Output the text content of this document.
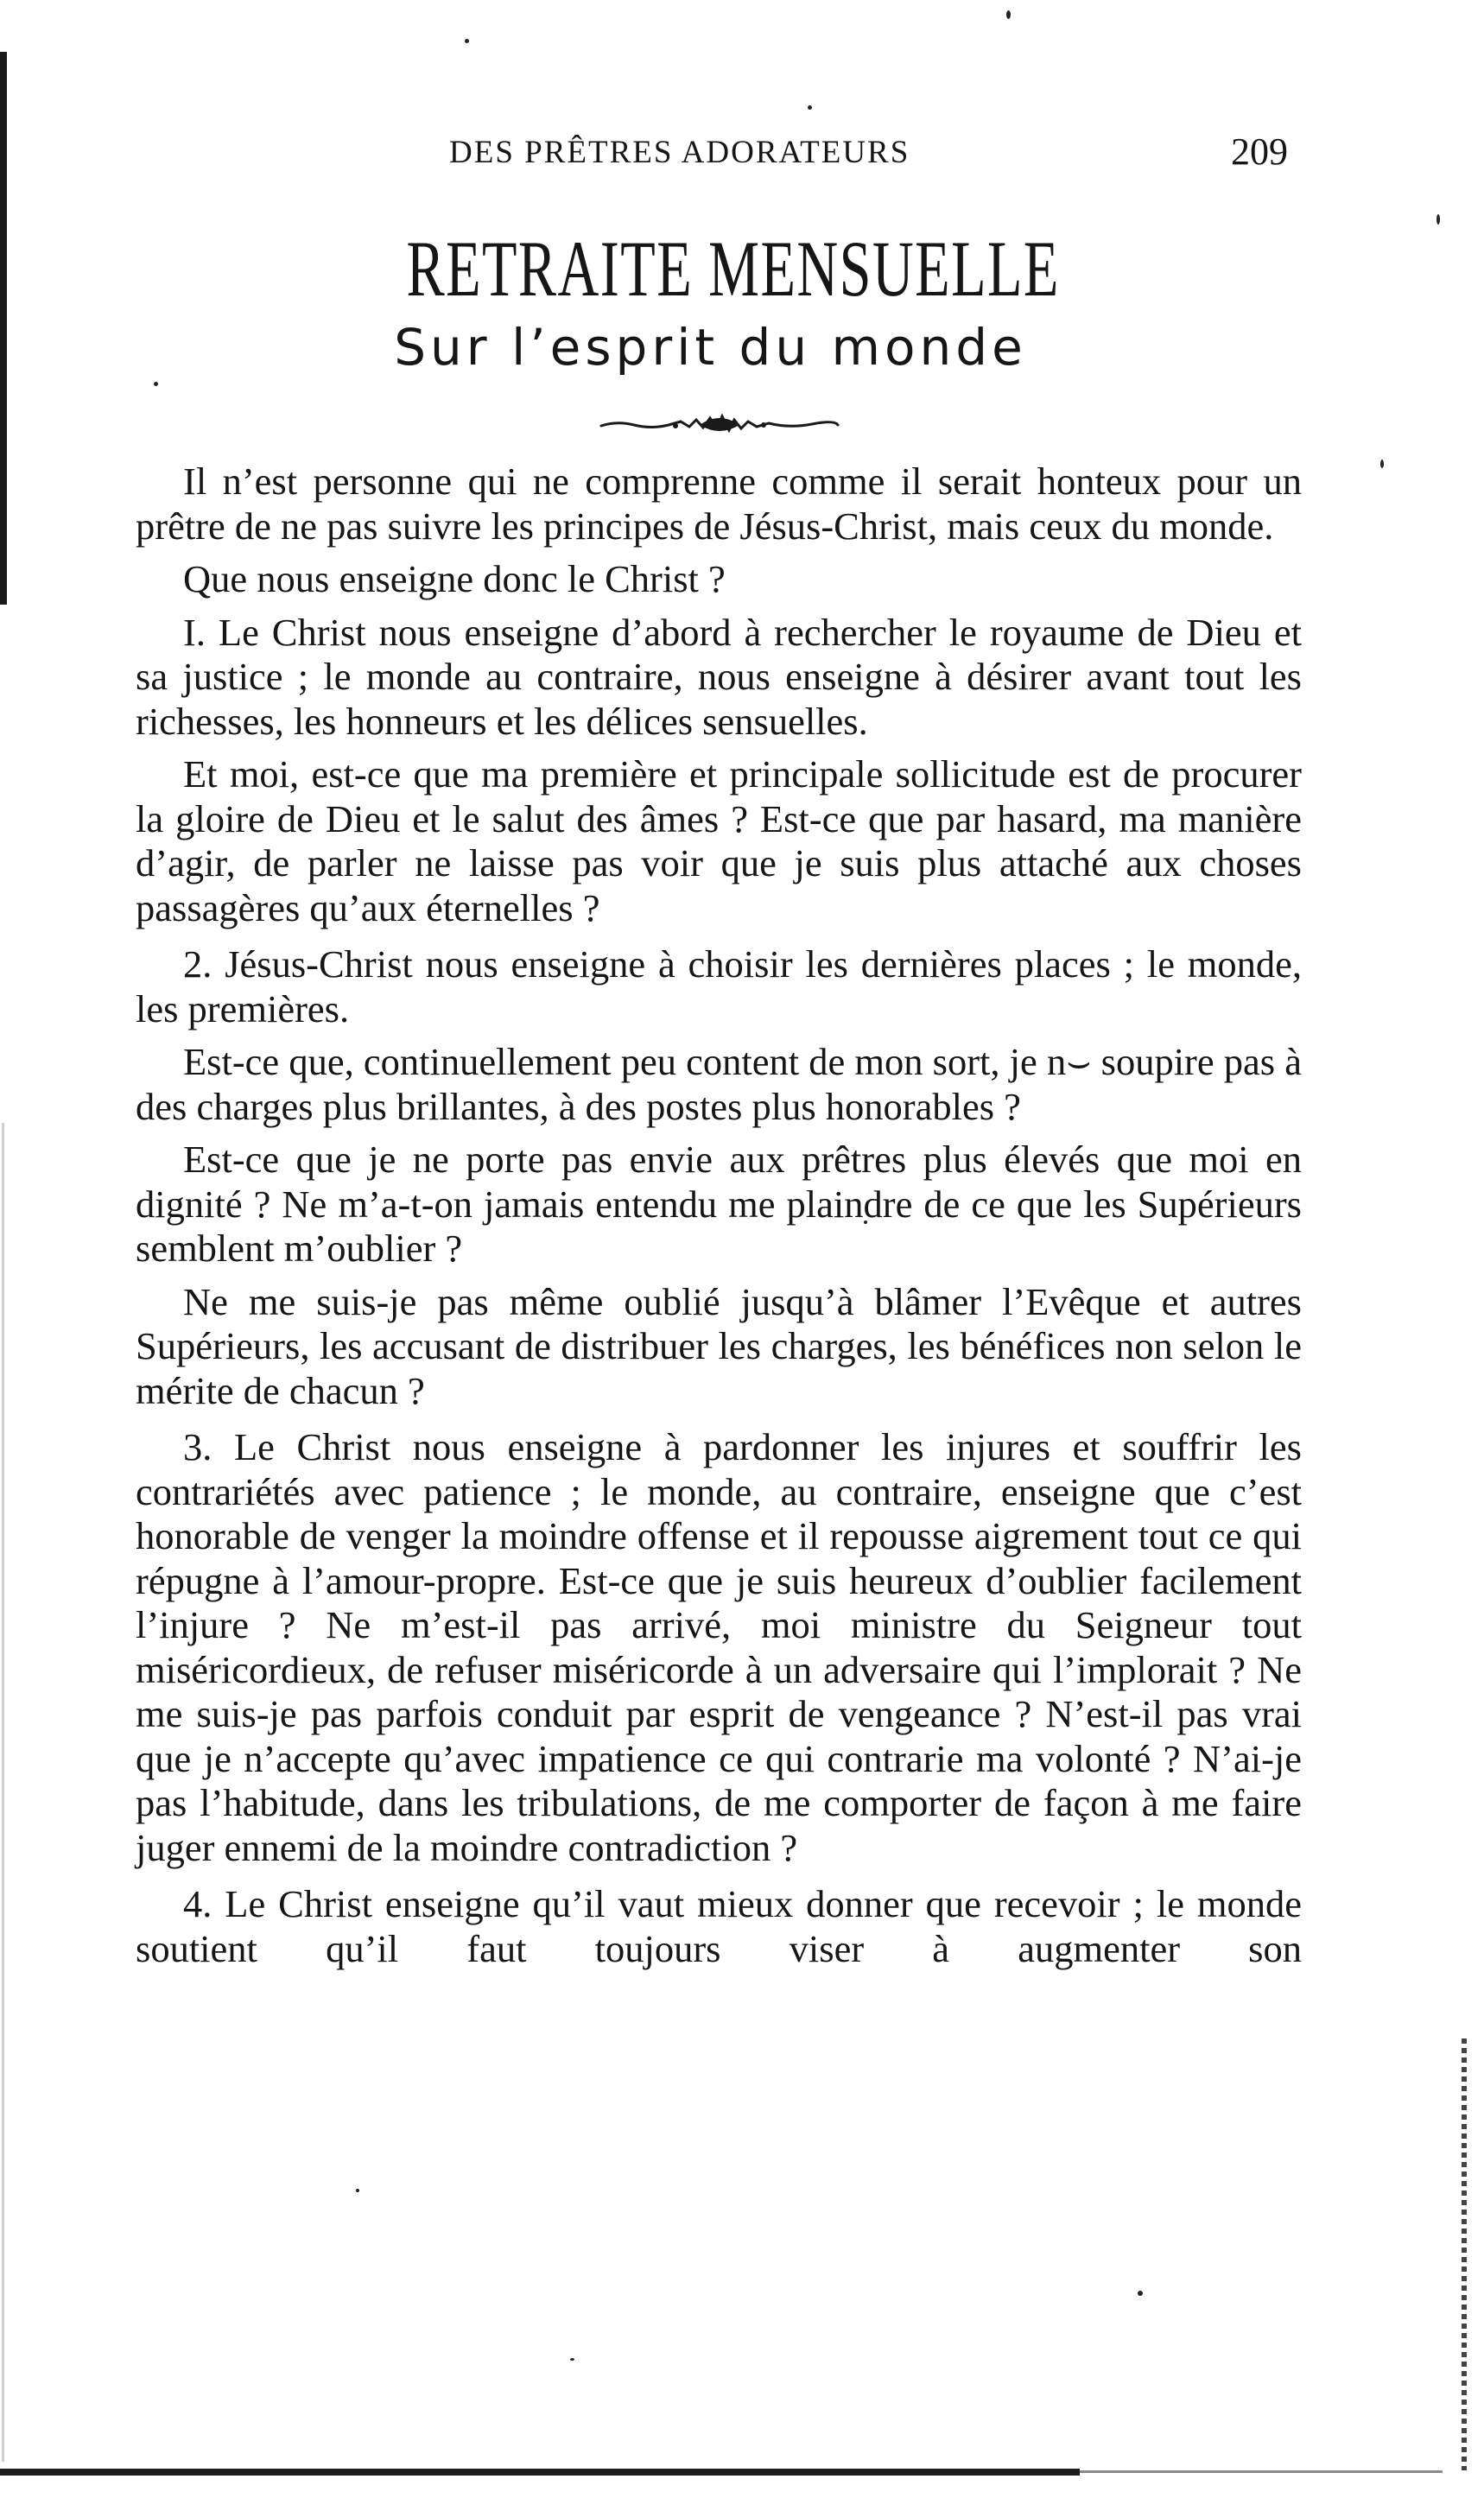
DES PRÊTRES ADORATEURS	209
RETRAITE MENSUELLE
Sur l’esprit du monde

Il n’est personne qui ne comprenne comme il serait honteux pour un prêtre de ne pas suivre les principes de Jésus-Christ, mais ceux du monde.

Que nous enseigne donc le Christ ?

I. Le Christ nous enseigne d’abord à rechercher le royaume de Dieu et sa justice ; le monde au contraire, nous enseigne à désirer avant tout les richesses, les honneurs et les délices sensuelles.

Et moi, est-ce que ma première et principale sollicitude est de procurer la gloire de Dieu et le salut des âmes ? Est-ce que par hasard, ma manière d’agir, de parler ne laisse pas voir que je suis plus attaché aux choses passagères qu’aux éternelles ?

2. Jésus-Christ nous enseigne à choisir les dernières places ; le monde, les premières.

Est-ce que, continuellement peu content de mon sort, je n⌣ soupire pas à des charges plus brillantes, à des postes plus honorables ?

Est-ce que je ne porte pas envie aux prêtres plus élevés que moi en dignité ? Ne m’a-t-on jamais entendu me plaindre de ce que les Supérieurs semblent m’oublier ?

Ne me suis-je pas même oublié jusqu’à blâmer l’Evêque et autres Supérieurs, les accusant de distribuer les charges, les bénéfices non selon le mérite de chacun ?

3. Le Christ nous enseigne à pardonner les injures et souffrir les contrariétés avec patience ; le monde, au contraire, enseigne que c’est honorable de venger la moindre offense et il repousse aigrement tout ce qui répugne à l’amour-propre. Est-ce que je suis heureux d’oublier facilement l’injure ? Ne m’est-il pas arrivé, moi ministre du Seigneur tout miséricordieux, de refuser miséricorde à un adversaire qui l’implorait ? Ne me suis-je pas parfois conduit par esprit de vengeance ? N’est-il pas vrai que je n’accepte qu’avec impatience ce qui contrarie ma volonté ? N’ai-je pas l’habitude, dans les tribulations, de me comporter de façon à me faire juger ennemi de la moindre contradiction ?

4. Le Christ enseigne qu’il vaut mieux donner que recevoir ; le monde soutient qu’il faut toujours viser à augmenter son
